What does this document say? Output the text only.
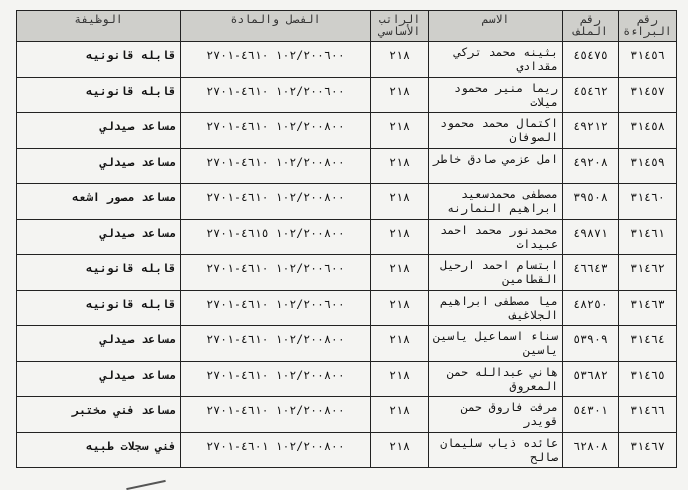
رقم البراءة	رقم الملف	الاسم	الراتب الأساسي	الفصل والمادة	الوظيفة
٣١٤٥٦	٤٥٤٧٥	بثينه محمد تركي مقدادي	٢١٨	١٠٢/٢٠٠٦٠٠ ٤٦١٠-٢٧٠١	قابله قانونيه
٣١٤٥٧	٤٥٤٦٢	ريما منير محمود ميلات	٢١٨	١٠٢/٢٠٠٦٠٠ ٤٦١٠-٢٧٠١	قابله قانونيه
٣١٤٥٨	٤٩٢١٢	اكتمال محمد محمود الصوفان	٢١٨	١٠٢/٢٠٠٨٠٠ ٤٦١٠-٢٧٠١	مساعد صيدلي
٣١٤٥٩	٤٩٢٠٨	امل عزمي صادق خاطر	٢١٨	١٠٢/٢٠٠٨٠٠ ٤٦١٠-٢٧٠١	مساعد صيدلي
٣١٤٦٠	٣٩٥٠٨	مصطفى محمدسعيد ابراهيم النمارنه	٢١٨	١٠٢/٢٠٠٨٠٠ ٤٦١٠-٢٧٠١	مساعد مصور اشعه
٣١٤٦١	٤٩٨٧١	محمدنور محمد احمد عبيدات	٢١٨	١٠٢/٢٠٠٨٠٠ ٤٦١٥-٢٧٠١	مساعد صيدلي
٣١٤٦٢	٤٦٦٤٣	ابتسام احمد ارحيل القطامين	٢١٨	١٠٢/٢٠٠٦٠٠ ٤٦١٠-٢٧٠١	قابله قانونيه
٣١٤٦٣	٤٨٢٥٠	ميا مصطفى ابراهيم الجلاغيف	٢١٨	١٠٢/٢٠٠٦٠٠ ٤٦١٠-٢٧٠١	قابله قانونيه
٣١٤٦٤	٥٣٩٠٩	سناء اسماعيل ياسين ياسين	٢١٨	١٠٢/٢٠٠٨٠٠ ٤٦١٠-٢٧٠١	مساعد صيدلي
٣١٤٦٥	٥٣٦٨٢	هاني عبدالله حمن المعروق	٢١٨	١٠٢/٢٠٠٨٠٠ ٤٦١٠-٢٧٠١	مساعد صيدلي
٣١٤٦٦	٥٤٣٠١	مرفت فاروق حمن قويدر	٢١٨	١٠٢/٢٠٠٨٠٠ ٤٦١٠-٢٧٠١	مساعد فني مختبر
٣١٤٦٧	٦٢٨٠٨	عائده ذياب سليمان صالح	٢١٨	١٠٢/٢٠٠٨٠٠ ٤٦٠١-٢٧٠١	فني سجلات طبيه
